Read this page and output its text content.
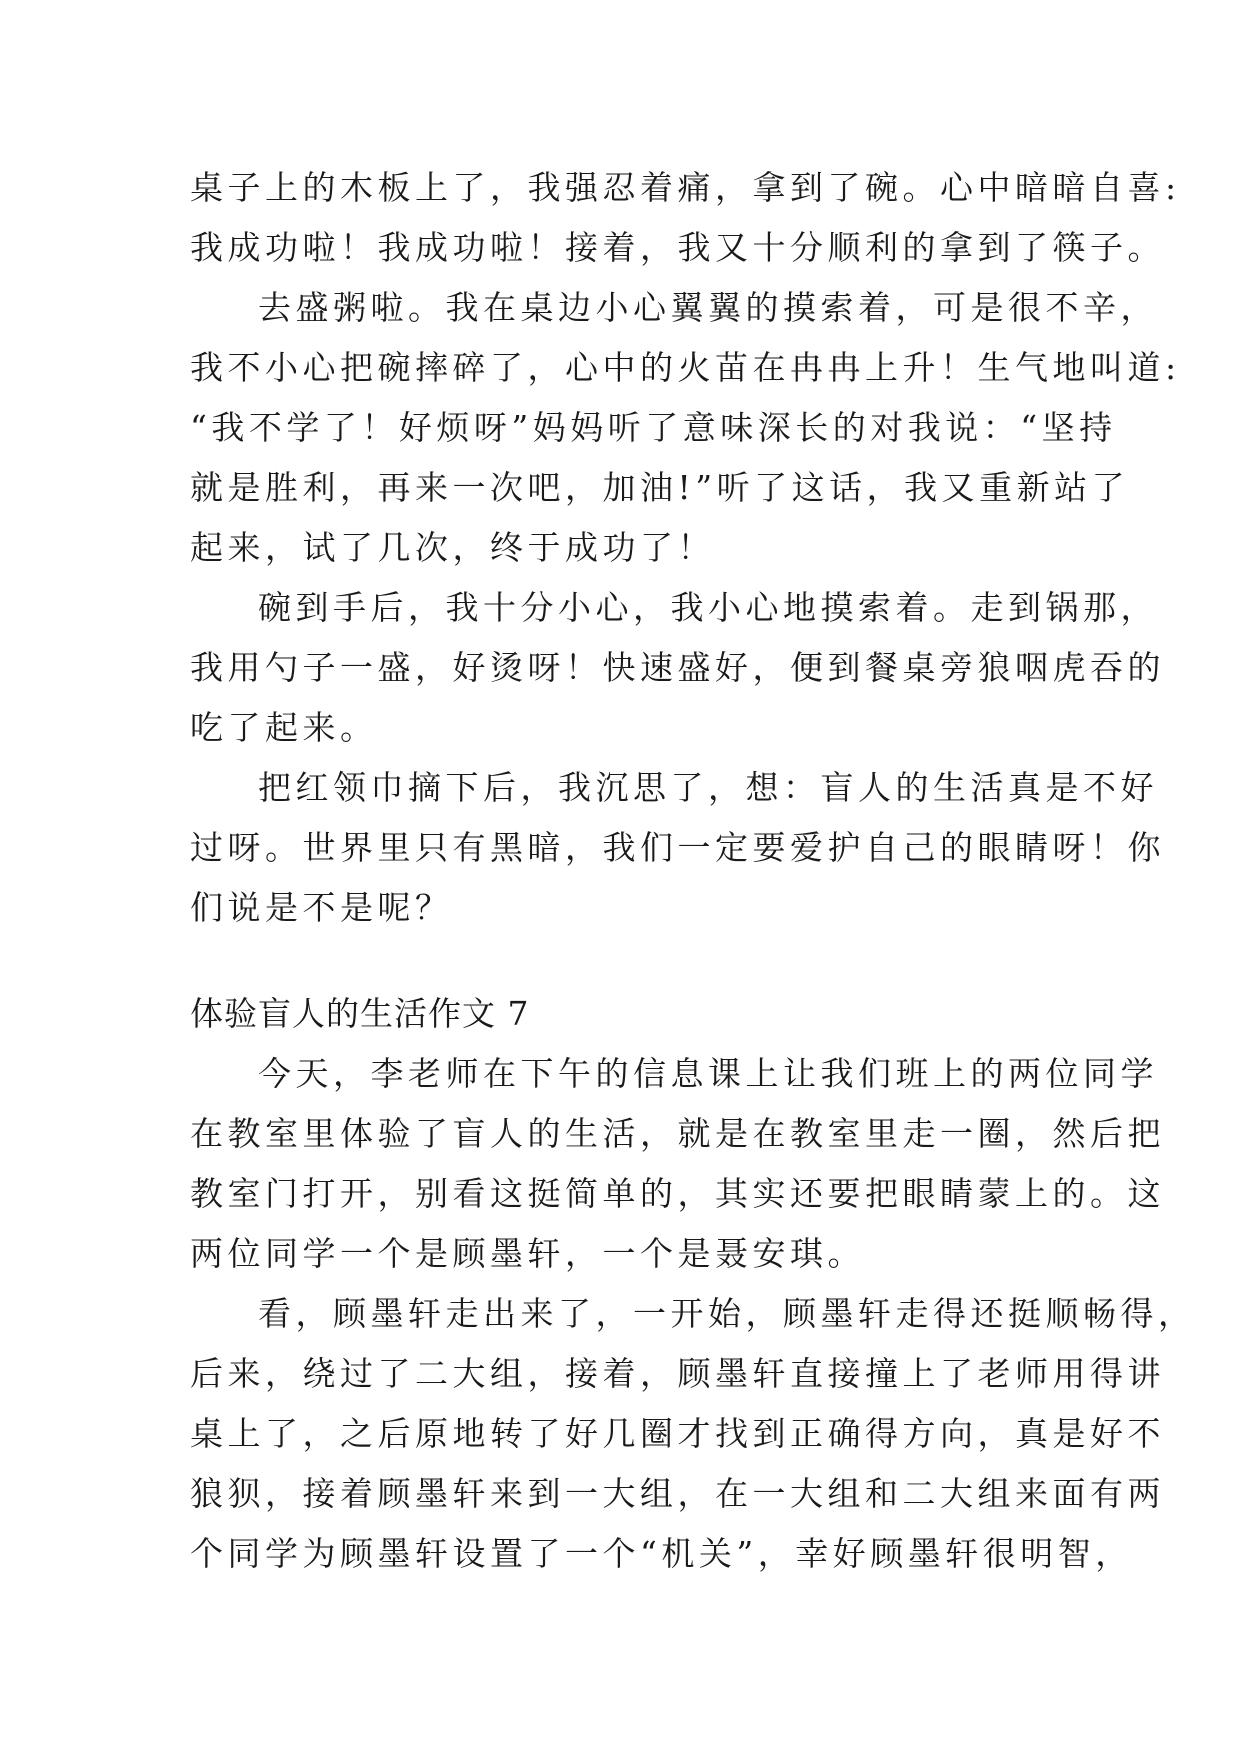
桌子上的木板上了，我强忍着痛，拿到了碗。心中暗暗自喜:
我成功啦！我成功啦！接着，我又十分顺利的拿到了筷子。
去盛粥啦。我在桌边小心翼翼的摸索着，可是很不辛，
我不小心把碗摔碎了，心中的火苗在冉冉上升！生气地叫道:
“我不学了！好烦呀”妈妈听了意味深长的对我说：“坚持
就是胜利，再来一次吧，加油!”听了这话，我又重新站了
起来，试了几次，终于成功了！
碗到手后，我十分小心，我小心地摸索着。走到锅那，
我用勺子一盛，好烫呀！快速盛好，便到餐桌旁狼咽虎吞的
吃了起来。
把红领巾摘下后，我沉思了，想：盲人的生活真是不好
过呀。世界里只有黑暗，我们一定要爱护自己的眼睛呀！你
们说是不是呢？
体验盲人的生活作文 7
今天，李老师在下午的信息课上让我们班上的两位同学
在教室里体验了盲人的生活，就是在教室里走一圈，然后把
教室门打开，别看这挺简单的，其实还要把眼睛蒙上的。这
两位同学一个是顾墨轩，一个是聂安琪。
看，顾墨轩走出来了，一开始，顾墨轩走得还挺顺畅得，
后来，绕过了二大组，接着，顾墨轩直接撞上了老师用得讲
桌上了，之后原地转了好几圈才找到正确得方向，真是好不
狼狈，接着顾墨轩来到一大组，在一大组和二大组来面有两
个同学为顾墨轩设置了一个“机关”，幸好顾墨轩很明智，
